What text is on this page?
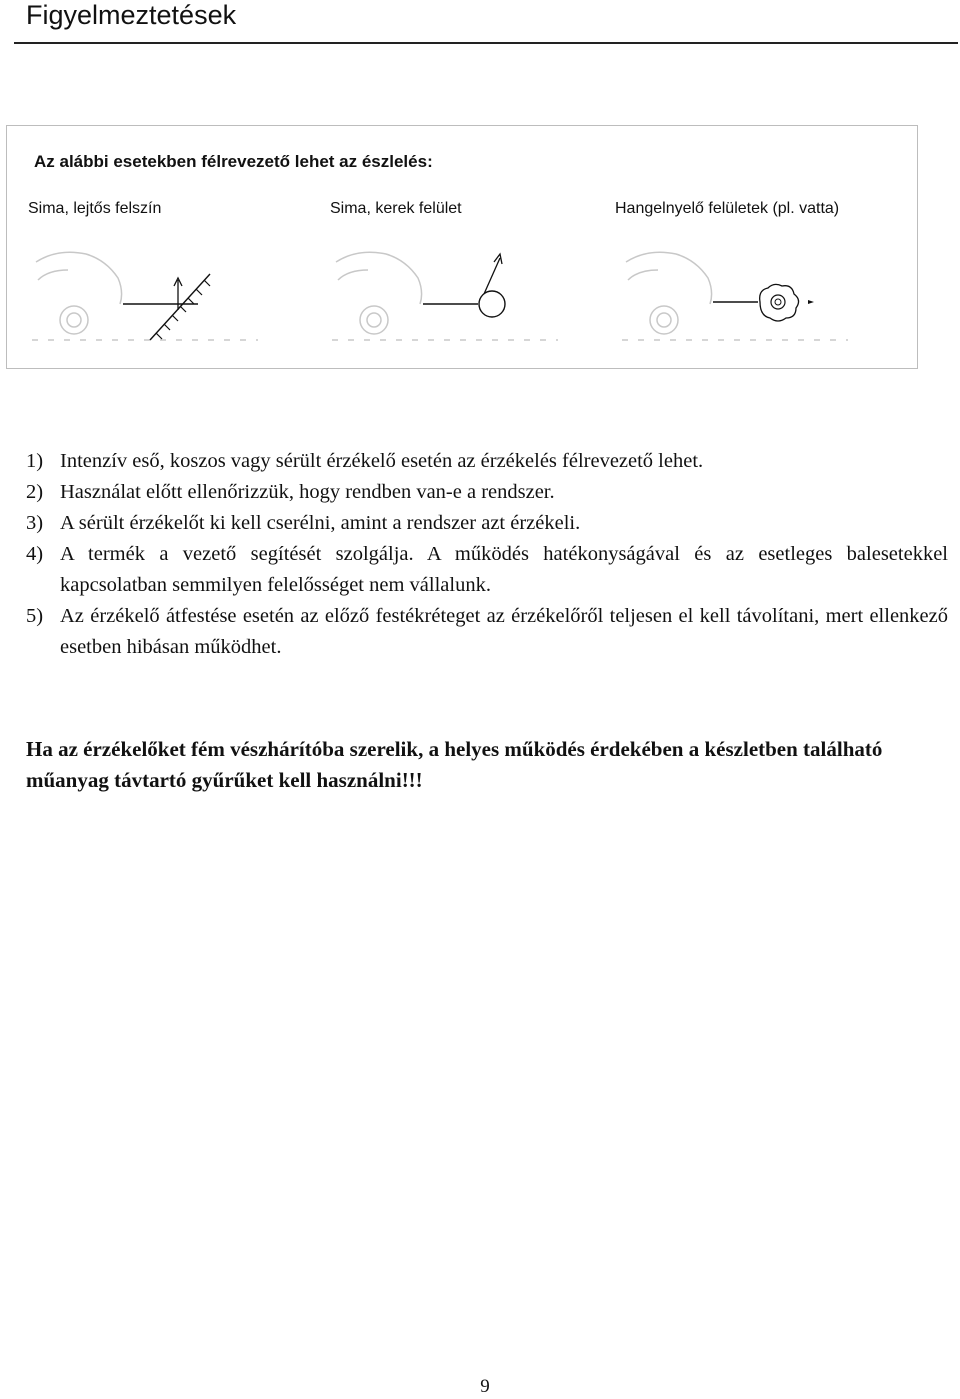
Figyelmeztetések
Az alábbi esetekben félrevezető lehet az észlelés:
Sima, lejtős felszín	Sima, kerek felület	Hangelnyelő felületek (pl. vatta)
1) Intenzív eső, koszos vagy sérült érzékelő esetén az érzékelés félrevezető lehet.
2) Használat előtt ellenőrizzük, hogy rendben van-e a rendszer.
3) A sérült érzékelőt ki kell cserélni, amint a rendszer azt érzékeli.
4) A termék a vezető segítését szolgálja. A működés hatékonyságával és az esetleges balesetekkel kapcsolatban semmilyen felelősséget nem vállalunk.
5) Az érzékelő átfestése esetén az előző festékréteget az érzékelőről teljesen el kell távolítani, mert ellenkező esetben hibásan működhet.

Ha az érzékelőket fém vészhárítóba szerelik, a helyes működés érdekében a készletben található műanyag távtartó gyűrűket kell használni!!!

9
